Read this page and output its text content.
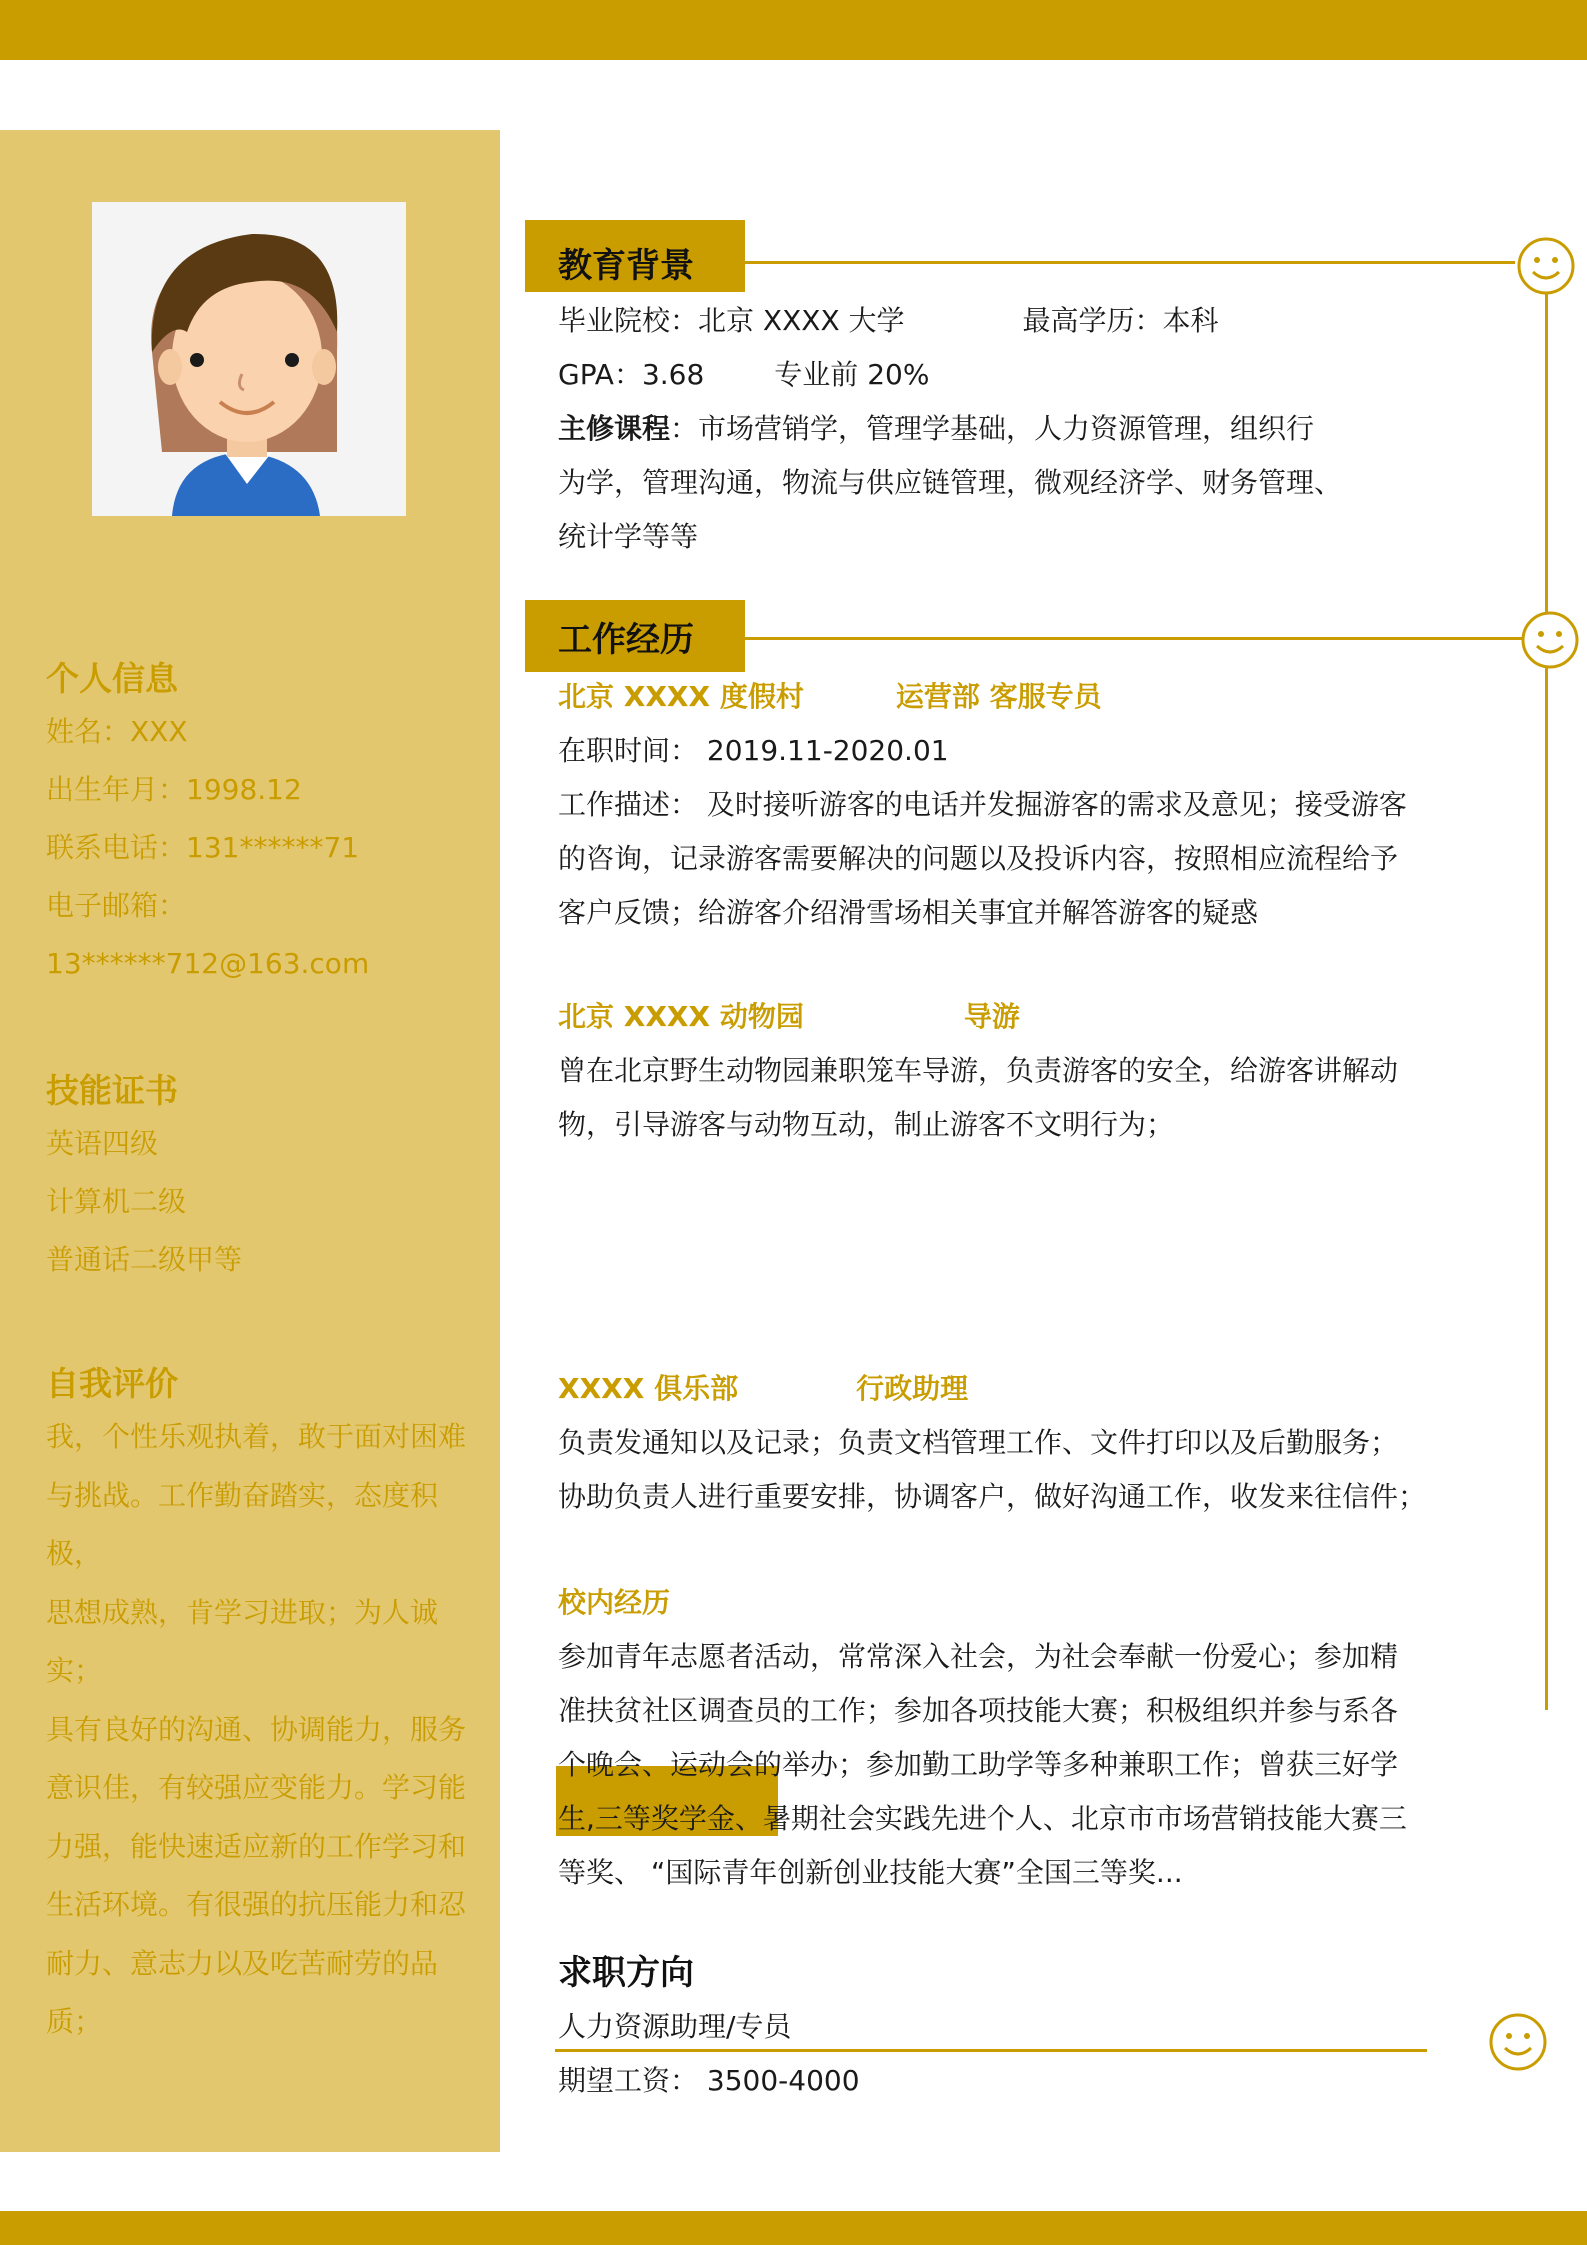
个人信息
姓名：XXX
出生年月：1998.12
联系电话：131******71
电子邮箱：
13******712@163.com
技能证书
英语四级
计算机二级
普通话二级甲等
自我评价
我，个性乐观执着，敢于面对困难
与挑战。工作勤奋踏实，态度积极，
思想成熟，肯学习进取；为人诚实；
具有良好的沟通、协调能力，服务
意识佳，有较强应变能力。学习能
力强，能快速适应新的工作学习和
生活环境。有很强的抗压能力和忍
耐力、意志力以及吃苦耐劳的品
质；
教育背景
毕业院校：北京 XXXX 大学	最高学历：本科
GPA：3.68	专业前 20%
主修课程：市场营销学，管理学基础，人力资源管理，组织行
为学，管理沟通，物流与供应链管理，微观经济学、财务管理、
统计学等等
工作经历
北京 XXXX 度假村	运营部 客服专员
在职时间： 2019.11-2020.01
工作描述： 及时接听游客的电话并发掘游客的需求及意见；接受游客
的咨询，记录游客需要解决的问题以及投诉内容，按照相应流程给予
客户反馈；给游客介绍滑雪场相关事宜并解答游客的疑惑
北京 XXXX 动物园	导游
曾在北京野生动物园兼职笼车导游，负责游客的安全，给游客讲解动
物，引导游客与动物互动，制止游客不文明行为；
XXXX 俱乐部	行政助理
负责发通知以及记录；负责文档管理工作、文件打印以及后勤服务；
协助负责人进行重要安排，协调客户，做好沟通工作，收发来往信件；
校内经历
参加青年志愿者活动，常常深入社会，为社会奉献一份爱心；参加精
准扶贫社区调查员的工作；参加各项技能大赛；积极组织并参与系各
个晚会、运动会的举办；参加勤工助学等多种兼职工作；曾获三好学
生,三等奖学金、暑期社会实践先进个人、北京市市场营销技能大赛三
等奖、 “国际青年创新创业技能大赛”全国三等奖...
求职方向
人力资源助理/专员
期望工资： 3500-4000
